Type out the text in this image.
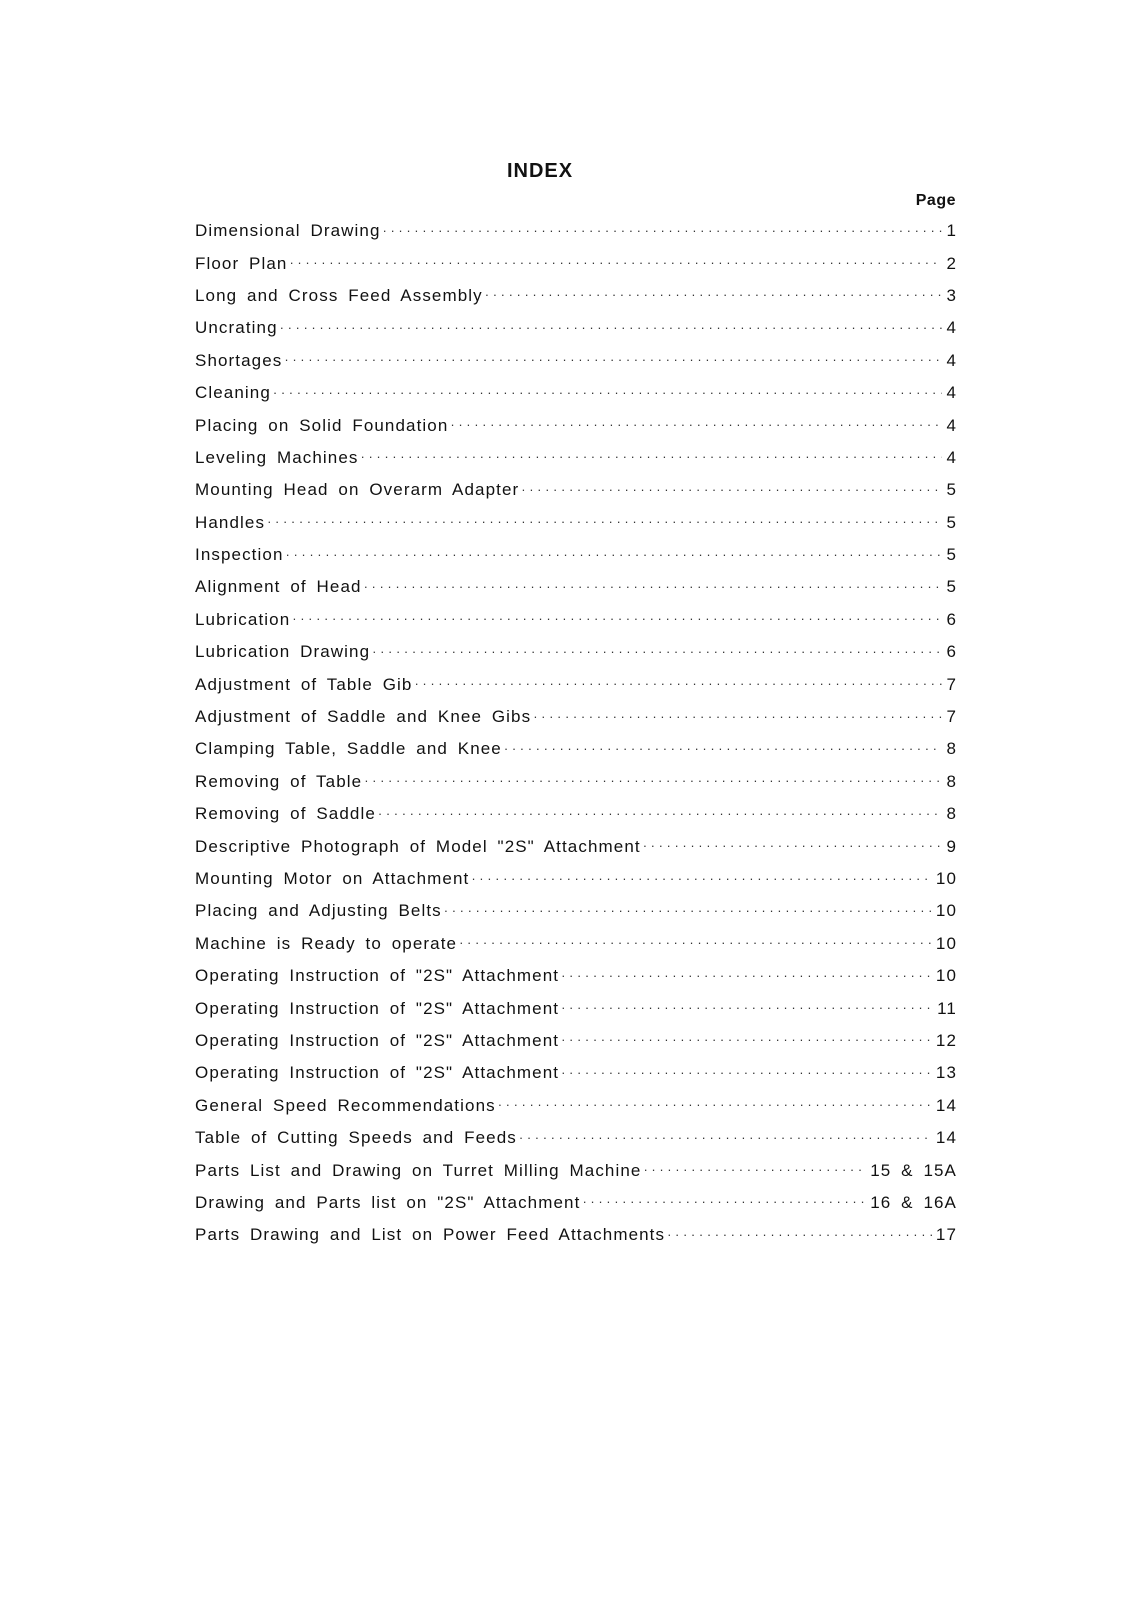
INDEX
Page
Dimensional Drawing · · ·	1
Floor Plan · · ·	2
Long and Cross Feed Assembly · · ·	3
Uncrating · · ·	4
Shortages · · ·	4
Cleaning · · ·	4
Placing on Solid Foundation · · ·	4
Leveling Machines · · ·	4
Mounting Head on Overarm Adapter · · ·	5
Handles · · ·	5
Inspection · · ·	5
Alignment of Head · · ·	5
Lubrication · · ·	6
Lubrication Drawing · · ·	6
Adjustment of Table Gib · · ·	7
Adjustment of Saddle and Knee Gibs · · ·	7
Clamping Table, Saddle and Knee · · ·	8
Removing of Table · · ·	8
Removing of Saddle · · ·	8
Descriptive Photograph of Model "2S" Attachment · · ·	9
Mounting Motor on Attachment · · ·	10
Placing and Adjusting Belts · · ·	10
Machine is Ready to operate · · ·	10
Operating Instruction of "2S" Attachment · · ·	10
Operating Instruction of "2S" Attachment · · ·	11
Operating Instruction of "2S" Attachment · · ·	12
Operating Instruction of "2S" Attachment · · ·	13
General Speed Recommendations · · ·	14
Table of Cutting Speeds and Feeds · · ·	14
Parts List and Drawing on Turret Milling Machine · · ·	15 & 15A
Drawing and Parts list on "2S" Attachment · · ·	16 & 16A
Parts Drawing and List on Power Feed Attachments · · ·	17
